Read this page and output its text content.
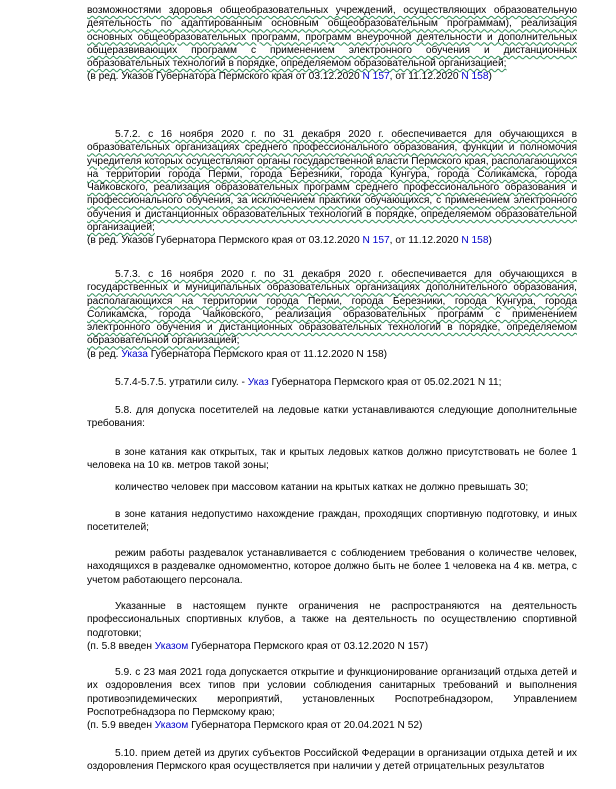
возможностями здоровья общеобразовательных учреждений, осуществляющих образовательную деятельность по адаптированным основным общеобразовательным программам), реализация основных общеобразовательных программ, программ внеурочной деятельности и дополнительных общеразвивающих программ с применением электронного обучения и дистанционных образовательных технологий в порядке, определяемом образовательной организацией;

(в ред. Указов Губернатора Пермского края от 03.12.2020 N 157, от 11.12.2020 N 158)

5.7.2. с 16 ноября 2020 г. по 31 декабря 2020 г. обеспечивается для обучающихся в образовательных организациях среднего профессионального образования, функции и полномочия учредителя которых осуществляют органы государственной власти Пермского края, располагающихся на территории города Перми, города Березники, города Кунгура, города Соликамска, города Чайковского, реализация образовательных программ среднего профессионального образования и профессионального обучения, за исключением практики обучающихся, с применением электронного обучения и дистанционных образовательных технологий в порядке, определяемом образовательной организацией;

(в ред. Указов Губернатора Пермского края от 03.12.2020 N 157, от 11.12.2020 N 158)

5.7.3. с 16 ноября 2020 г. по 31 декабря 2020 г. обеспечивается для обучающихся в государственных и муниципальных образовательных организациях дополнительного образования, располагающихся на территории города Перми, города Березники, города Кунгура, города Соликамска, города Чайковского, реализация образовательных программ с применением электронного обучения и дистанционных образовательных технологий в порядке, определяемом образовательной организацией;

(в ред. Указа Губернатора Пермского края от 11.12.2020 N 158)

5.7.4-5.7.5. утратили силу. - Указ Губернатора Пермского края от 05.02.2021 N 11;

5.8. для допуска посетителей на ледовые катки устанавливаются следующие дополнительные требования:

в зоне катания как открытых, так и крытых ледовых катков должно присутствовать не более 1 человека на 10 кв. метров такой зоны;

количество человек при массовом катании на крытых катках не должно превышать 30;

в зоне катания недопустимо нахождение граждан, проходящих спортивную подготовку, и иных посетителей;

режим работы раздевалок устанавливается с соблюдением требования о количестве человек, находящихся в раздевалке одномоментно, которое должно быть не более 1 человека на 4 кв. метра, с учетом работающего персонала.

Указанные в настоящем пункте ограничения не распространяются на деятельность профессиональных спортивных клубов, а также на деятельность по осуществлению спортивной подготовки;

(п. 5.8 введен Указом Губернатора Пермского края от 03.12.2020 N 157)

5.9. с 23 мая 2021 года допускается открытие и функционирование организаций отдыха детей и их оздоровления всех типов при условии соблюдения санитарных требований и выполнения противоэпидемических мероприятий, установленных Роспотребнадзором, Управлением Роспотребнадзора по Пермскому краю;

(п. 5.9 введен Указом Губернатора Пермского края от 20.04.2021 N 52)

5.10. прием детей из других субъектов Российской Федерации в организации отдыха детей и их оздоровления Пермского края осуществляется при наличии у детей отрицательных результатов
